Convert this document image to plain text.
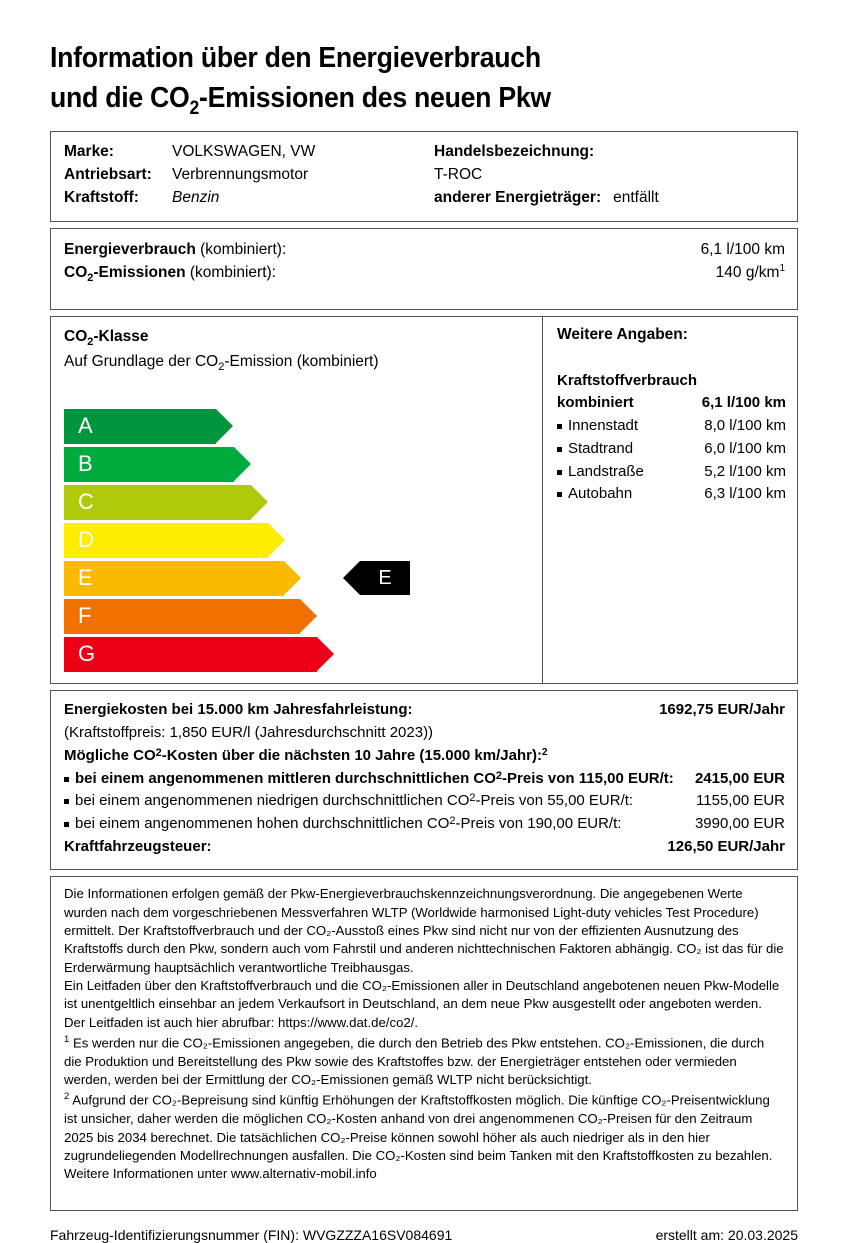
Information über den Energieverbrauch
und die $CO_2$-Emissionen des neuen Pkw
Marke:	VOLKSWAGEN, VW
Antriebsart:	Verbrennungsmotor
Kraftstoff:	Benzin
Handelsbezeichnung:
T-ROC
anderer Energieträger: entfällt
Energieverbrauch (kombiniert):	6,1 l/100 km
$CO_2$-Emissionen (kombiniert):	140 $g/km^1$
$CO_2$-Klasse
Auf Grundlage der $CO_2$-Emission (kombiniert)
A
B
C
D
E
F
G
E
Weitere Angaben:
Kraftstoffverbrauch
kombiniert	6,1 l/100 km
Innenstadt	8,0 l/100 km
Stadtrand	6,0 l/100 km
Landstraße	5,2 l/100 km
Autobahn	6,3 l/100 km
Energiekosten bei 15.000 km Jahresfahrleistung:	1692,75 EUR/Jahr
(Kraftstoffpreis: 1,850 EUR/l (Jahresdurchschnitt 2023))
Mögliche CO 2 -Kosten über die nächsten 10 Jahre (15.000 km/Jahr): 2
bei einem angenommenen mittleren durchschnittlichen CO 2 -Preis von 115,00 EUR/t: 2415,00 EUR
bei einem angenommenen niedrigen durchschnittlichen CO 2 -Preis von 55,00 EUR/t:	1155,00 EUR
bei einem angenommenen hohen durchschnittlichen CO 2 -Preis von 190,00 EUR/t:	3990,00 EUR
Kraftfahrzeugsteuer:	126,50 EUR/Jahr

Die Informationen erfolgen gemäß der Pkw-Energieverbrauchskennzeichnungsverordnung. Die angegebenen Werte wurden nach dem vorgeschriebenen Messverfahren WLTP (Worldwide harmonised Light-duty vehicles Test Procedure) ermittelt. Der Kraftstoffverbrauch und der CO₂-Ausstoß eines Pkw sind nicht nur von der effizienten Ausnutzung des Kraftstoffs durch den Pkw, sondern auch vom Fahrstil und anderen nichttechnischen Faktoren abhängig. CO₂ ist das für die Erderwärmung hauptsächlich verantwortliche Treibhausgas.

Ein Leitfaden über den Kraftstoffverbrauch und die CO₂-Emissionen aller in Deutschland angebotenen neuen Pkw-Modelle ist unentgeltlich einsehbar an jedem Verkaufsort in Deutschland, an dem neue Pkw ausgestellt oder angeboten werden. Der Leitfaden ist auch hier abrufbar: https://www.dat.de/co2/.

$^1$ Es werden nur die CO₂-Emissionen angegeben, die durch den Betrieb des Pkw entstehen. CO₂-Emissionen, die durch die Produktion und Bereitstellung des Pkw sowie des Kraftstoffes bzw. der Energieträger entstehen oder vermieden werden, werden bei der Ermittlung der CO₂-Emissionen gemäß WLTP nicht berücksichtigt.

$^2$ Aufgrund der CO₂-Bepreisung sind künftig Erhöhungen der Kraftstoffkosten möglich. Die künftige CO₂-Preisentwicklung ist unsicher, daher werden die möglichen CO₂-Kosten anhand von drei angenommenen CO₂-Preisen für den Zeitraum 2025 bis 2034 berechnet. Die tatsächlichen CO₂-Preise können sowohl höher als auch niedriger als in den hier zugrundeliegenden Modellrechnungen ausfallen. Die CO₂-Kosten sind beim Tanken mit den Kraftstoffkosten zu bezahlen. Weitere Informationen unter www.alternativ-mobil.info

Fahrzeug-Identifizierungsnummer (FIN): WVGZZZA16SV084691	erstellt am: 20.03.2025
